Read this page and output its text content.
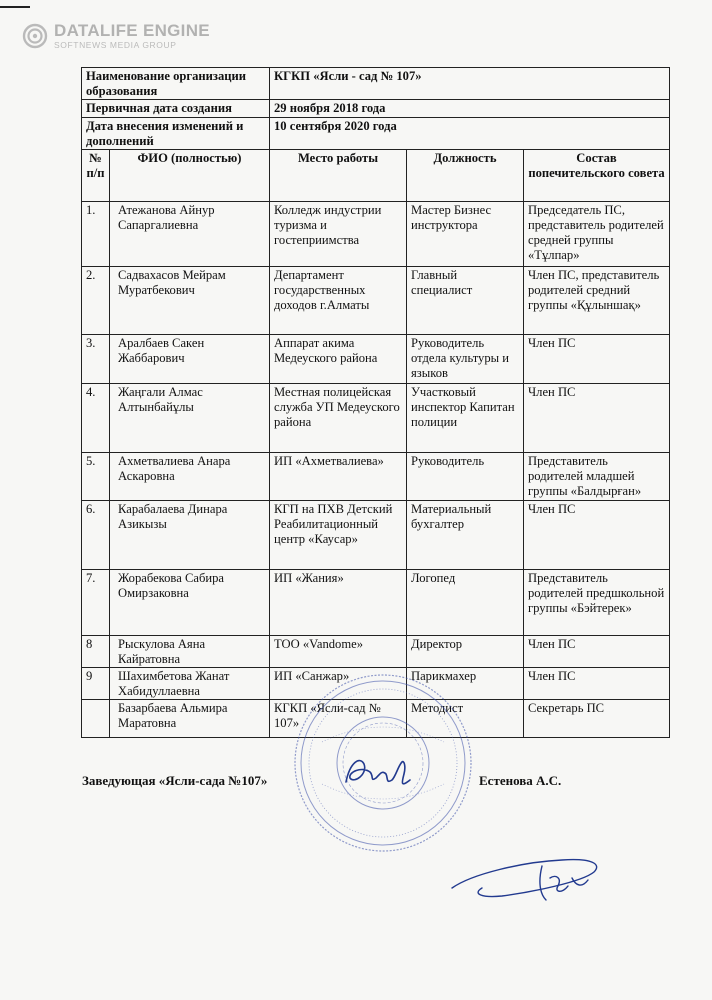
DATALIFE ENGINE
SOFTNEWS MEDIA GROUP
Наименование организации образования		КГКП «Ясли - сад № 107»		
Первичная дата создания		29 ноября 2018 года		
Дата внесения изменений и дополнений		10 сентября 2020 года		
№ п/п	ФИО (полностью)	Место работы	Должность	Состав попечительского совета
1.	Атежанова Айнур Сапаргалиевна	Колледж индустрии туризма и гостеприимства	Мастер Бизнес инструктора	Председатель ПС, представитель родителей средней группы «Тұлпар»
2.	Садвахасов Мейрам Муратбекович	Департамент государственных доходов г.Алматы	Главный специалист	Член ПС, представитель родителей средний группы «Құлыншақ»
3.	Аралбаев Сакен Жаббарович	Аппарат акима Медеуского района	Руководитель отдела культуры и языков	Член ПС
4.	Жаңгали Алмас Алтынбайұлы	Местная полицейская служба УП Медеуского района	Участковый инспектор Капитан полиции	Член ПС
5.	Ахметвалиева Анара Аскаровна	ИП «Ахметвалиева»	Руководитель	Представитель родителей младшей группы «Балдырған»
6.	Карабалаева Динара Азикызы	КГП на ПХВ Детский Реабилитационный центр «Каусар»	Материальный бухгалтер	Член ПС
7.	Жорабекова Сабира Омирзаковна	ИП «Жания»	Логопед	Представитель родителей предшкольной группы «Бэйтерек»
8	Рыскулова Аяна Кайратовна	ТОО «Vandome»	Директор	Член ПС
9	Шахимбетова Жанат Хабидуллаевна	ИП «Санжар»	Парикмахер	Член ПС
	Базарбаева Альмира Маратовна	КГКП «Ясли-сад № 107»	Методист	Секретарь ПС
Заведующая «Ясли-сада №107»	Естенова А.С.
